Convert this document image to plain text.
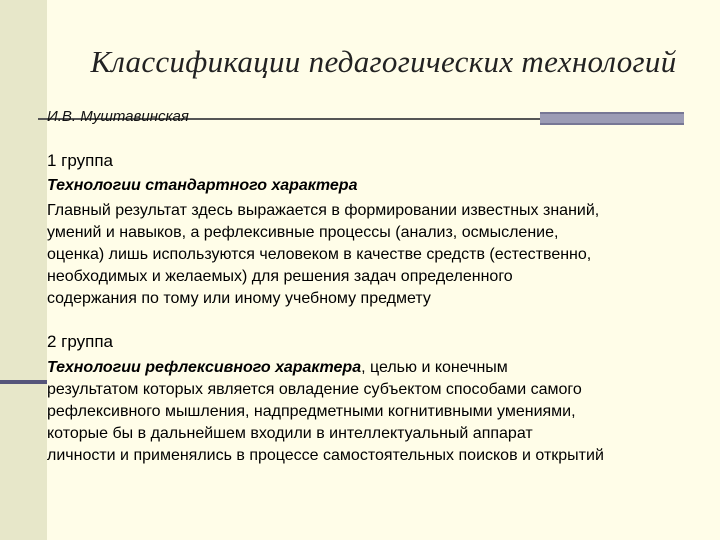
Классификации педагогических технологий
И.В. Муштавинская
1 группа
Технологии стандартного характера
Главный результат здесь выражается в формировании известных знаний,
умений и навыков, а рефлексивные процессы (анализ, осмысление,
оценка) лишь используются человеком в качестве средств (естественно,
необходимых и желаемых) для решения задач определенного
содержания по тому или иному учебному предмету
2 группа
Технологии рефлексивного характера, целью и конечным
результатом которых является овладение субъектом способами самого
рефлексивного мышления, надпредметными когнитивными умениями,
которые бы в дальнейшем входили в интеллектуальный аппарат
личности и применялись в процессе самостоятельных поисков и открытий
